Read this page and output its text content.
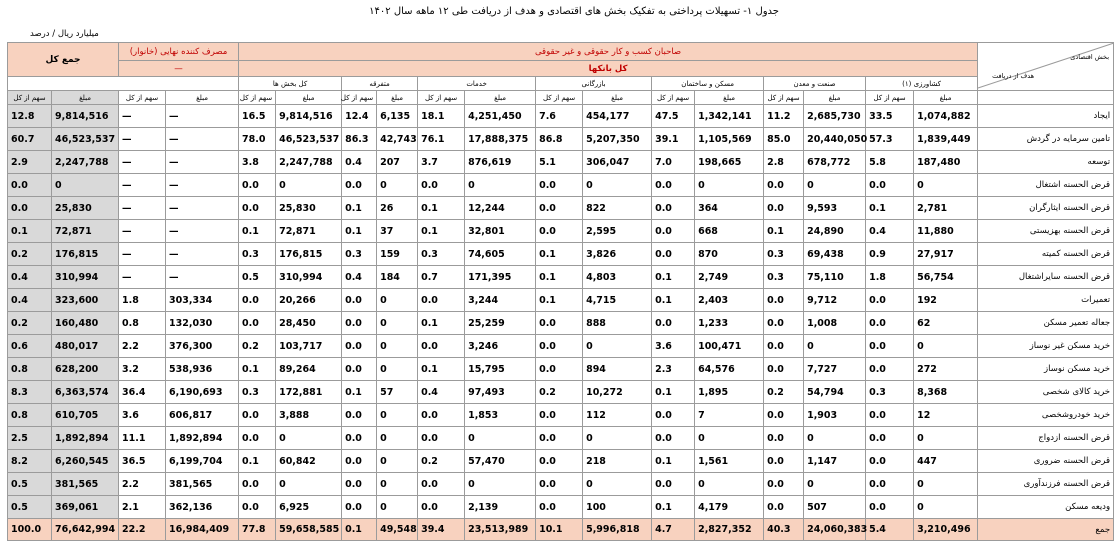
جدول ۱- تسهیلات پرداختی به تفکیک بخش های اقتصادی و هدف از دریافت طی ۱۲ ماهه سال ۱۴۰۲
میلیارد ریال / درصد
بخش اقتصادی
هدف از دریافت	صاحبان کسب و کار حقوقی و غیر حقوقی														مصرف کننده نهایی (خانوار)		جمع کل	
	کل بانکها														—			
	کشاورزی (۱)		صنعت و معدن		مسکن و ساختمان		بازرگانی		خدمات		متفرقه		کل بخش ها					
	مبلغ	سهم از کل	مبلغ	سهم از کل	مبلغ	سهم از کل	مبلغ	سهم از کل	مبلغ	سهم از کل	مبلغ	سهم از کل	مبلغ	سهم از کل	مبلغ	سهم از کل	مبلغ	سهم از کل
ایجاد	1,074,882	33.5	2,685,730	11.2	1,342,141	47.5	454,177	7.6	4,251,450	18.1	6,135	12.4	9,814,516	16.5	—	—	9,814,516	12.8
تامین سرمایه در گردش	1,839,449	57.3	20,440,050	85.0	1,105,569	39.1	5,207,350	86.8	17,888,375	76.1	42,743	86.3	46,523,537	78.0	—	—	46,523,537	60.7
توسعه	187,480	5.8	678,772	2.8	198,665	7.0	306,047	5.1	876,619	3.7	207	0.4	2,247,788	3.8	—	—	2,247,788	2.9
قرض الحسنه اشتغال	0	0.0	0	0.0	0	0.0	0	0.0	0	0.0	0	0.0	0	0.0	—	—	0	0.0
قرض الحسنه ایثارگران	2,781	0.1	9,593	0.0	364	0.0	822	0.0	12,244	0.1	26	0.1	25,830	0.0	—	—	25,830	0.0
قرض الحسنه بهزیستی	11,880	0.4	24,890	0.1	668	0.0	2,595	0.0	32,801	0.1	37	0.1	72,871	0.1	—	—	72,871	0.1
قرض الحسنه کمیته	27,917	0.9	69,438	0.3	870	0.0	3,826	0.1	74,605	0.3	159	0.3	176,815	0.3	—	—	176,815	0.2
قرض الحسنه سایراشتغال	56,754	1.8	75,110	0.3	2,749	0.1	4,803	0.1	171,395	0.7	184	0.4	310,994	0.5	—	—	310,994	0.4
تعمیرات	192	0.0	9,712	0.0	2,403	0.1	4,715	0.1	3,244	0.0	0	0.0	20,266	0.0	303,334	1.8	323,600	0.4
جعاله تعمیر مسکن	62	0.0	1,008	0.0	1,233	0.0	888	0.0	25,259	0.1	0	0.0	28,450	0.0	132,030	0.8	160,480	0.2
خرید مسکن غیر نوساز	0	0.0	0	0.0	100,471	3.6	0	0.0	3,246	0.0	0	0.0	103,717	0.2	376,300	2.2	480,017	0.6
خرید مسکن نوساز	272	0.0	7,727	0.0	64,576	2.3	894	0.0	15,795	0.1	0	0.0	89,264	0.1	538,936	3.2	628,200	0.8
خرید کالای شخصی	8,368	0.3	54,794	0.2	1,895	0.1	10,272	0.2	97,493	0.4	57	0.1	172,881	0.3	6,190,693	36.4	6,363,574	8.3
خرید خودروشخصی	12	0.0	1,903	0.0	7	0.0	112	0.0	1,853	0.0	0	0.0	3,888	0.0	606,817	3.6	610,705	0.8
قرض الحسنه ازدواج	0	0.0	0	0.0	0	0.0	0	0.0	0	0.0	0	0.0	0	0.0	1,892,894	11.1	1,892,894	2.5
قرض الحسنه ضروری	447	0.0	1,147	0.0	1,561	0.1	218	0.0	57,470	0.2	0	0.0	60,842	0.1	6,199,704	36.5	6,260,545	8.2
قرض الحسنه فرزندآوری	0	0.0	0	0.0	0	0.0	0	0.0	0	0.0	0	0.0	0	0.0	381,565	2.2	381,565	0.5
ودیعه مسکن	0	0.0	507	0.0	4,179	0.1	100	0.0	2,139	0.0	0	0.0	6,925	0.0	362,136	2.1	369,061	0.5
جمع	3,210,496	5.4	24,060,383	40.3	2,827,352	4.7	5,996,818	10.1	23,513,989	39.4	49,548	0.1	59,658,585	77.8	16,984,409	22.2	76,642,994	100.0
